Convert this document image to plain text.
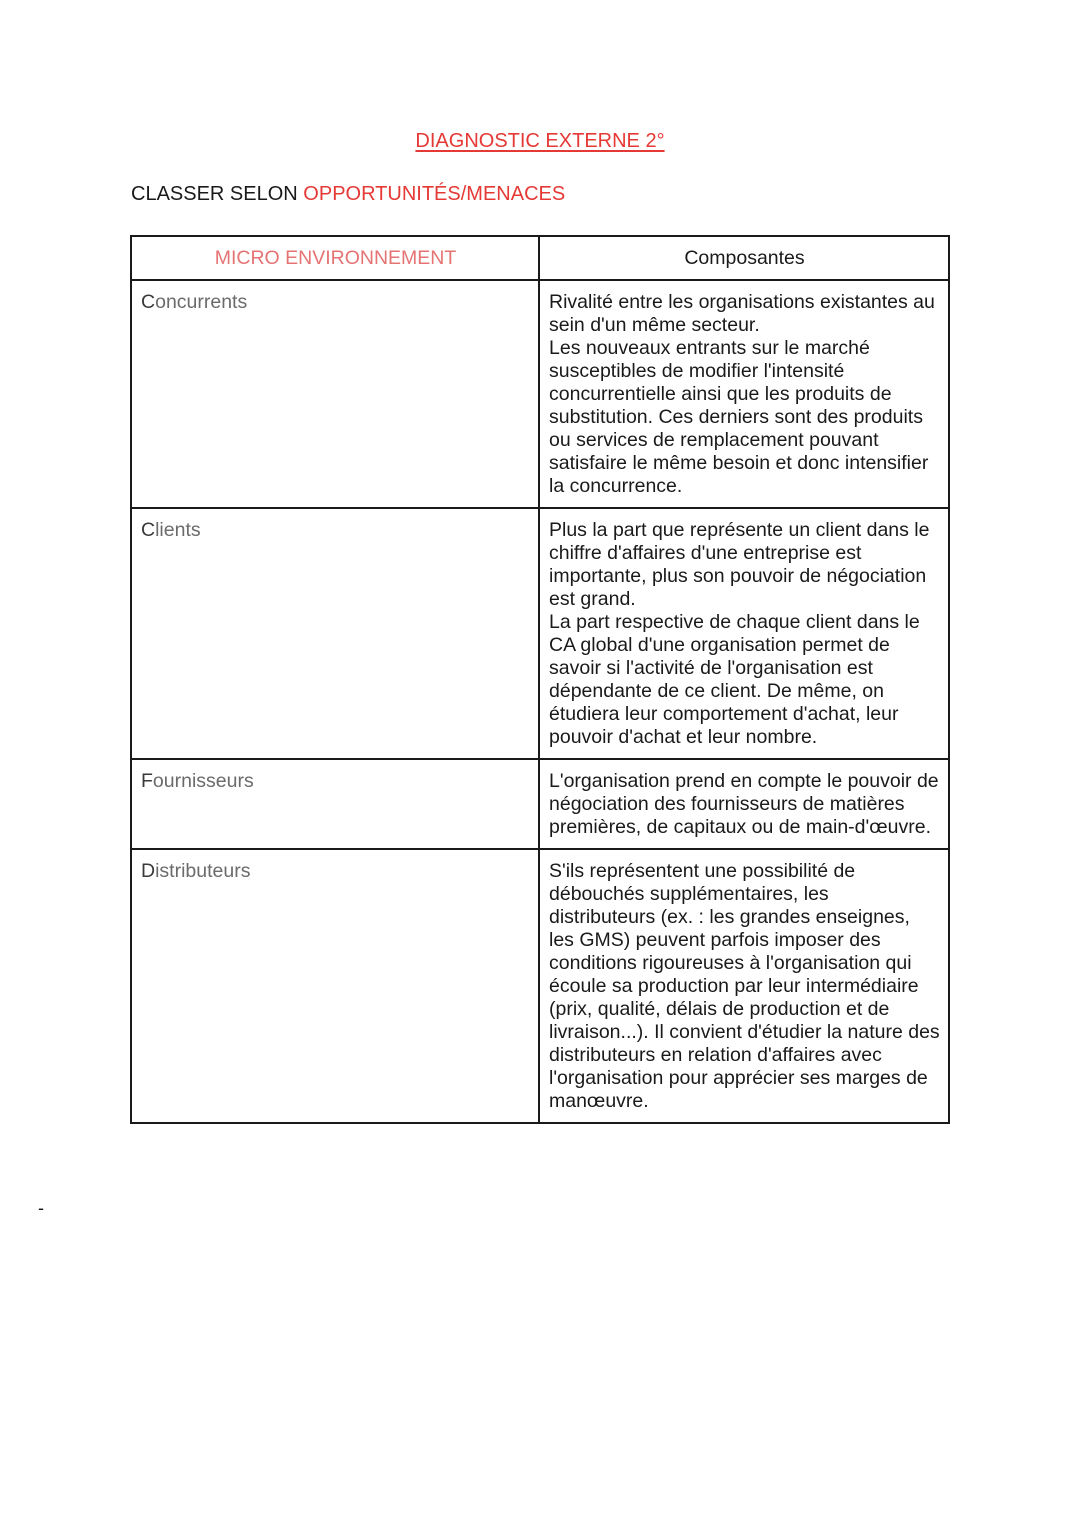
DIAGNOSTIC EXTERNE 2°
CLASSER SELON OPPORTUNITÉS/MENACES
MICRO ENVIRONNEMENT	Composantes
Concurrents	Rivalité entre les organisations existantes au sein d'un même secteur.
Les nouveaux entrants sur le marché susceptibles de modifier l'intensité concurrentielle ainsi que les produits de substitution. Ces derniers sont des produits ou services de remplacement pouvant satisfaire le même besoin et donc intensifier la concurrence.
Clients	Plus la part que représente un client dans le chiffre d'affaires d'une entreprise est importante, plus son pouvoir de négociation est grand.
La part respective de chaque client dans le CA global d'une organisation permet de savoir si l'activité de l'organisation est dépendante de ce client. De même, on étudiera leur comportement d'achat, leur pouvoir d'achat et leur nombre.
Fournisseurs	L'organisation prend en compte le pouvoir de négociation des fournisseurs de matières premières, de capitaux ou de main-d'œuvre.
Distributeurs	S'ils représentent une possibilité de débouchés supplémentaires, les distributeurs (ex. : les grandes enseignes, les GMS) peuvent parfois imposer des conditions rigoureuses à l'organisation qui écoule sa production par leur intermédiaire (prix, qualité, délais de production et de livraison...). Il convient d'étudier la nature des distributeurs en relation d'affaires avec l'organisation pour apprécier ses marges de manœuvre.
-
